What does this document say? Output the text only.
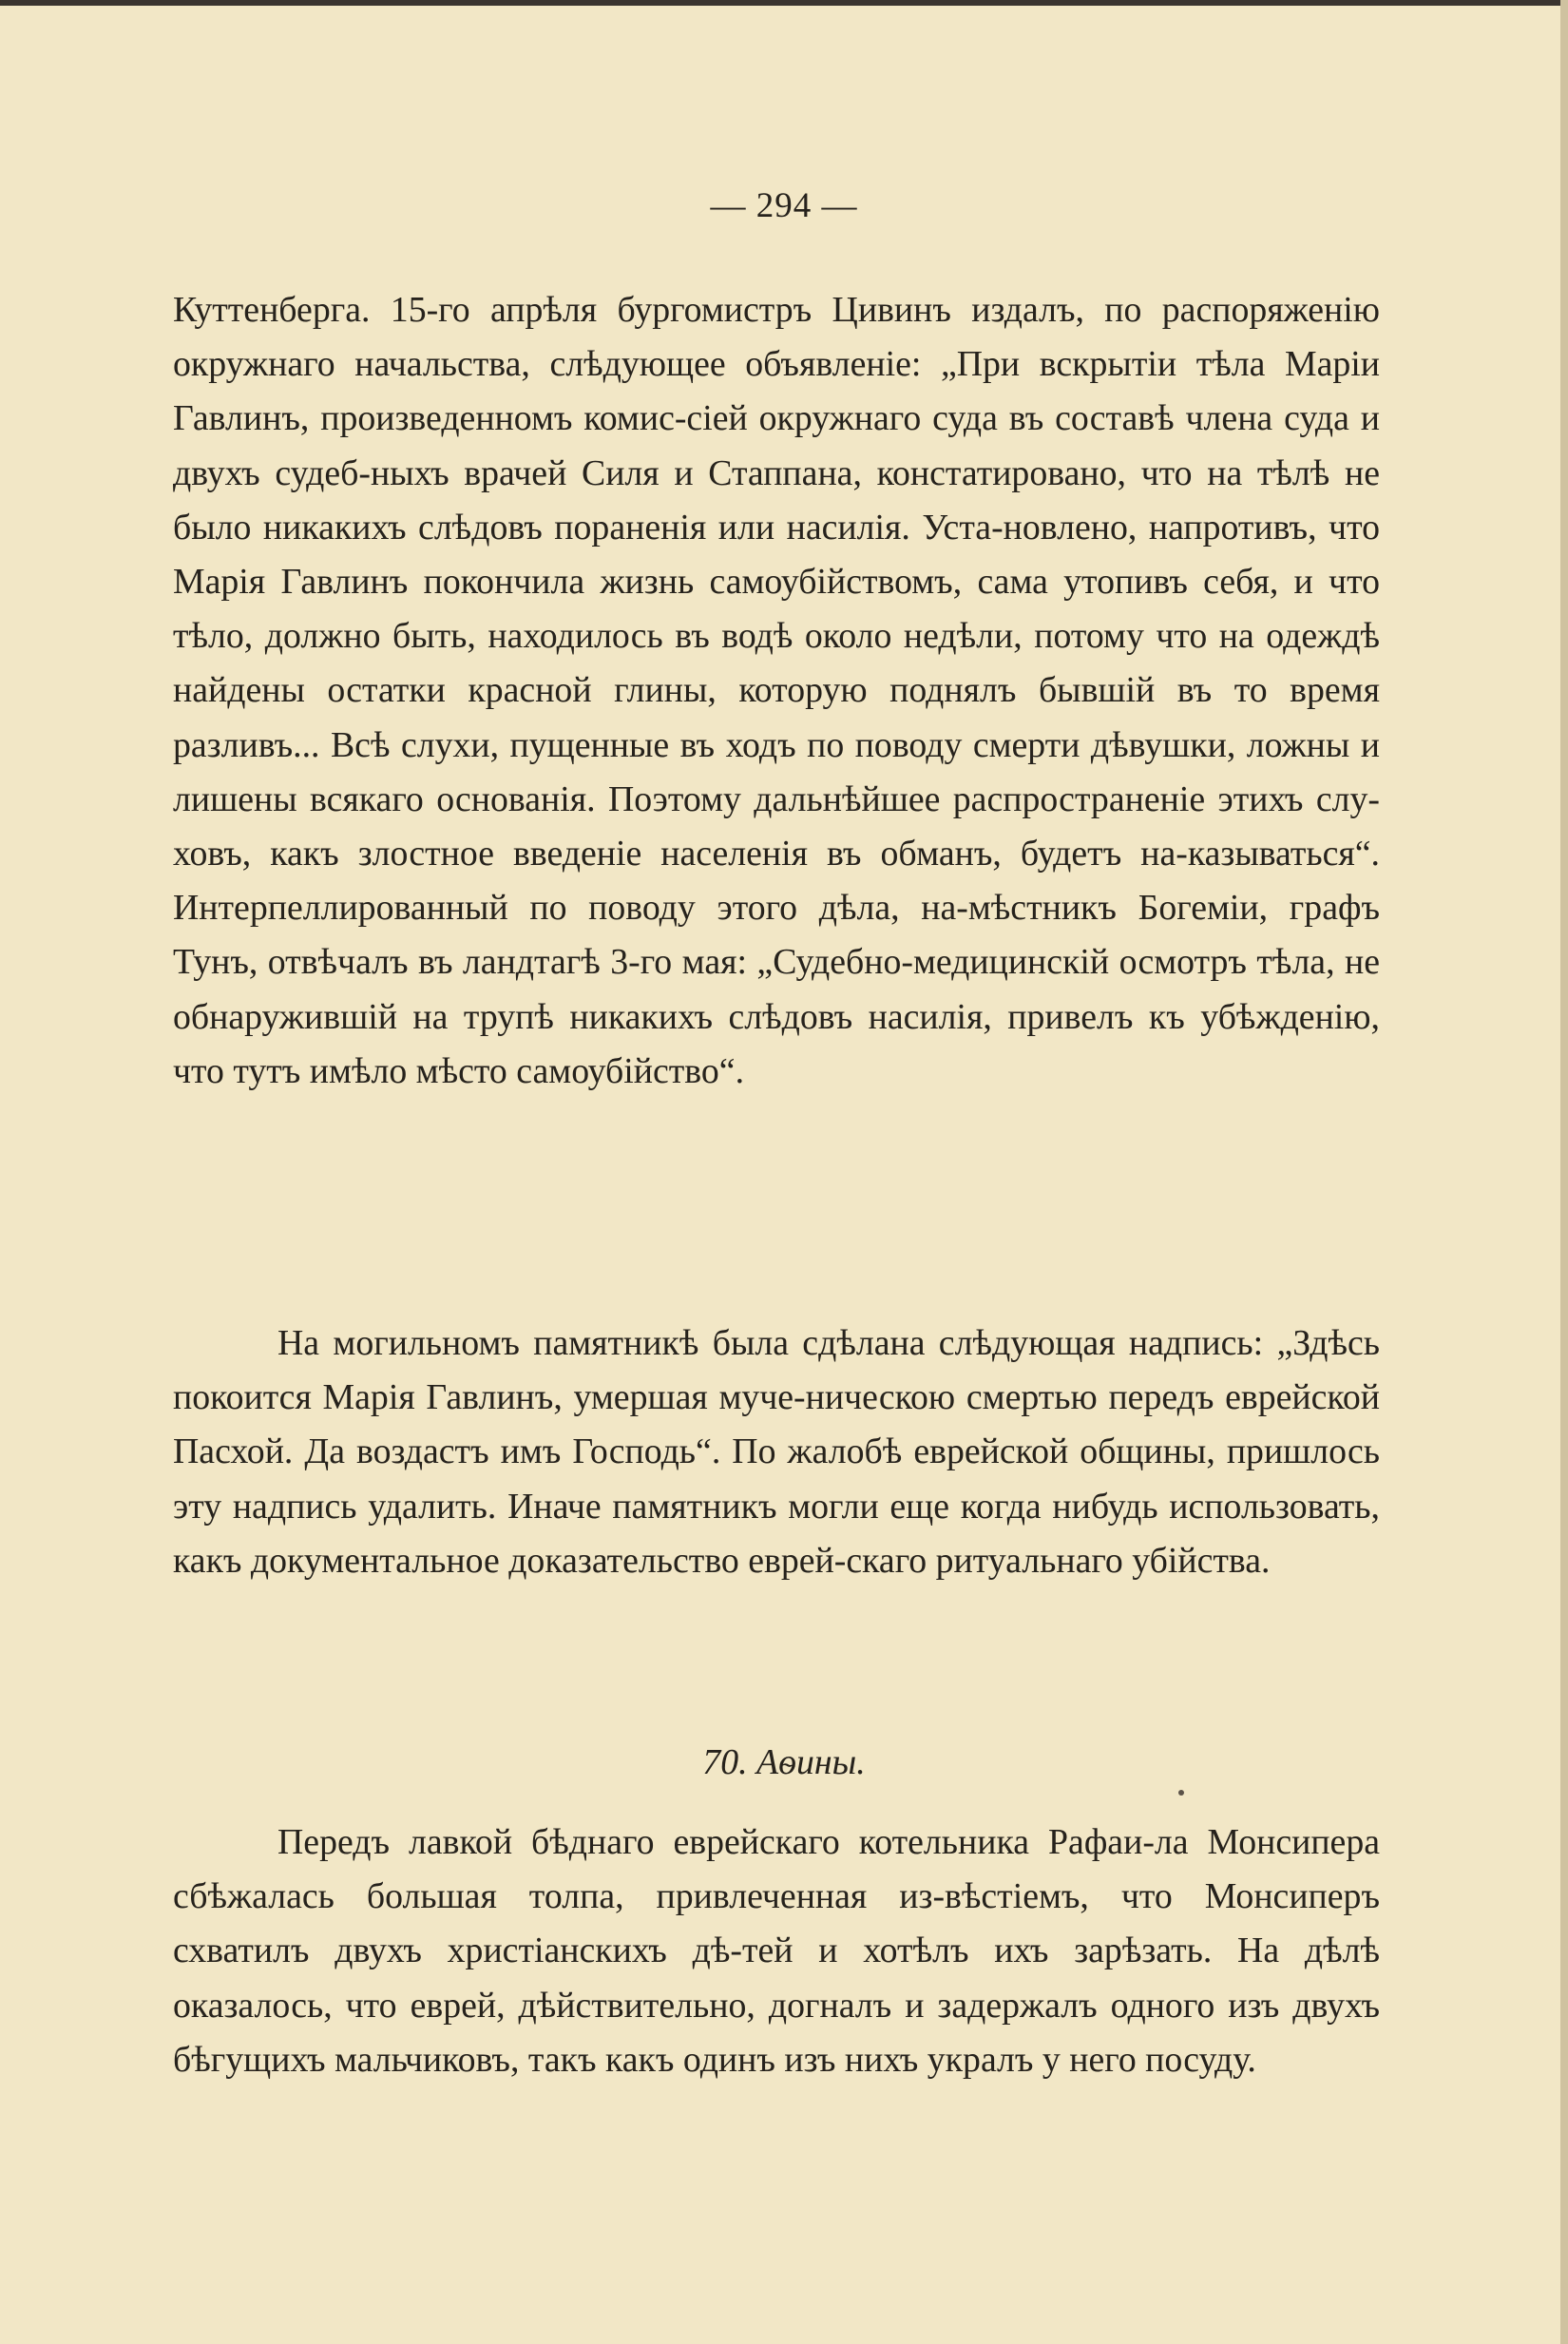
— 294 —

Куттенберга. 15-го апрѣля бургомистръ Цивинъ издалъ, по распоряженію окружнаго начальства, слѣдующее объявленіе: „При вскрытіи тѣла Маріи Гавлинъ, произведенномъ комис-сіей окружнаго суда въ составѣ члена суда и двухъ судеб-ныхъ врачей Силя и Стаппана, констатировано, что на тѣлѣ не было никакихъ слѣдовъ пораненія или насилія. Уста-новлено, напротивъ, что Марія Гавлинъ покончила жизнь самоубійствомъ, сама утопивъ себя, и что тѣло, должно быть, находилось въ водѣ около недѣли, потому что на одеждѣ найдены остатки красной глины, которую поднялъ бывшій въ то время разливъ... Всѣ слухи, пущенные въ ходъ по поводу смерти дѣвушки, ложны и лишены всякаго основанія. Поэтому дальнѣйшее распространеніе этихъ слу-ховъ, какъ злостное введеніе населенія въ обманъ, будетъ на-казываться“. Интерпеллированный по поводу этого дѣла, на-мѣстникъ Богеміи, графъ Тунъ, отвѣчалъ въ ландтагѣ 3-го мая: „Судебно-медицинскій осмотръ тѣла, не обнаружившій на трупѣ никакихъ слѣдовъ насилія, привелъ къ убѣжденію, что тутъ имѣло мѣсто самоубійство“.

На могильномъ памятникѣ была сдѣлана слѣдующая надпись: „Здѣсь покоится Марія Гавлинъ, умершая муче-ническою смертью передъ еврейской Пасхой. Да воздастъ имъ Господь“. По жалобѣ еврейской общины, пришлось эту надпись удалить. Иначе памятникъ могли еще когда нибудь использовать, какъ документальное доказательство еврей-скаго ритуальнаго убійства.

70. Аѳины.

Передъ лавкой бѣднаго еврейскаго котельника Рафаи-ла Монсипера сбѣжалась большая толпа, привлеченная из-вѣстіемъ, что Монсиперъ схватилъ двухъ христіанскихъ дѣ-тей и хотѣлъ ихъ зарѣзать. На дѣлѣ оказалось, что еврей, дѣйствительно, догналъ и задержалъ одного изъ двухъ бѣгущихъ мальчиковъ, такъ какъ одинъ изъ нихъ укралъ у него посуду.
